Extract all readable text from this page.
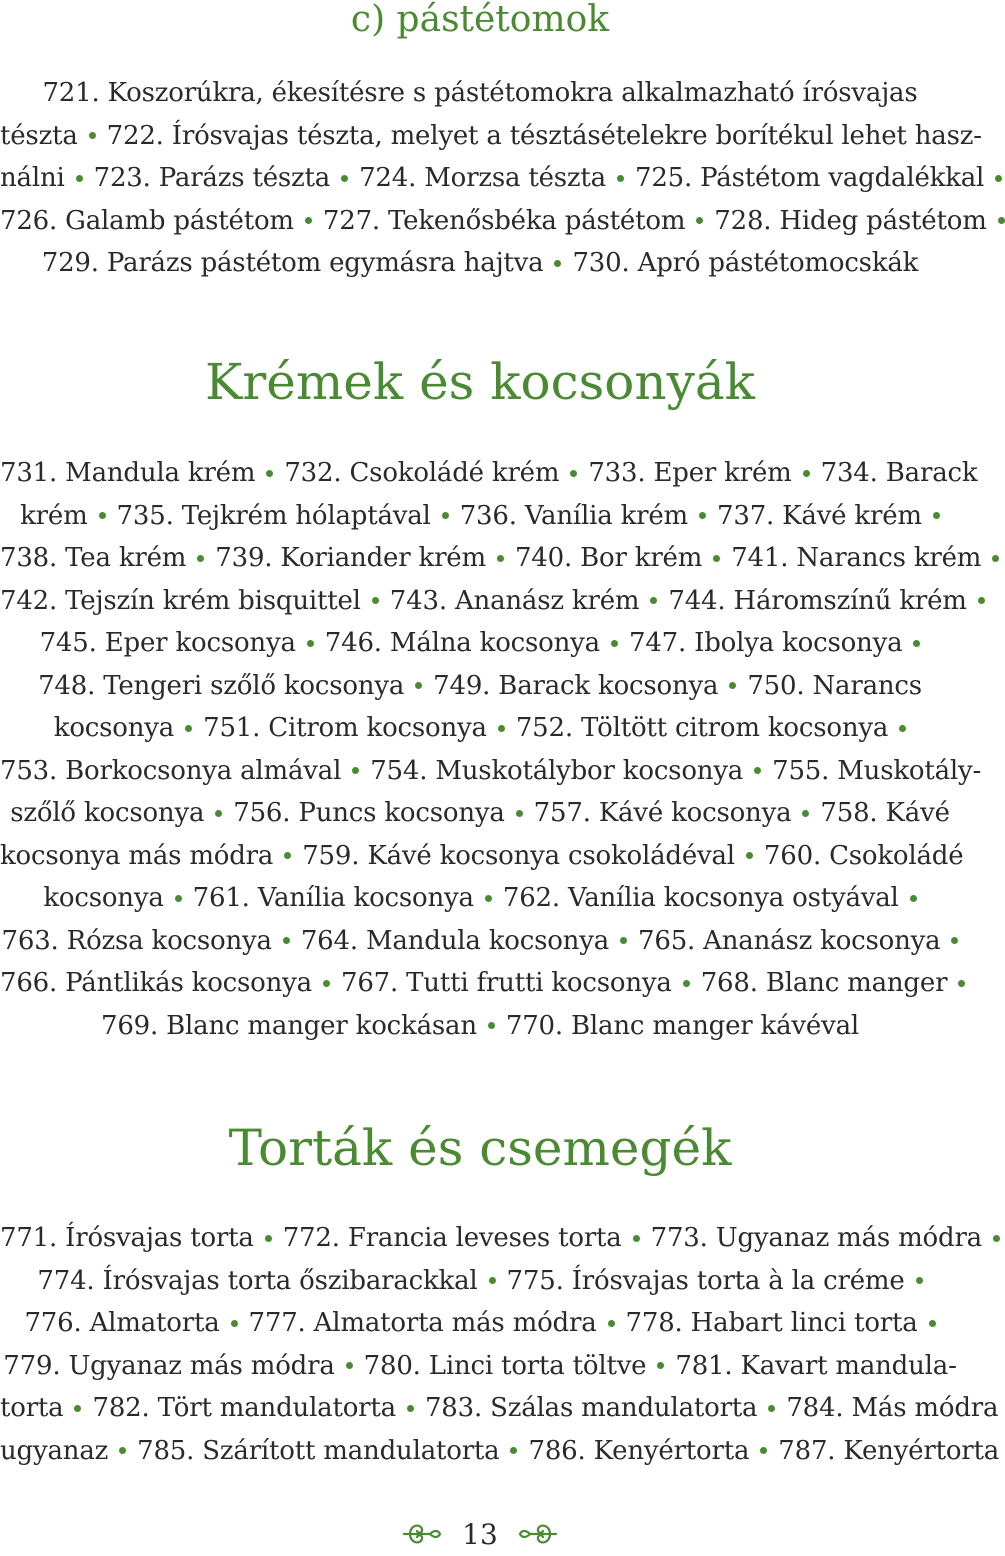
c) pástétomok
721. Koszorúkra, ékesítésre s pástétomokra alkalmazható írósvajas
tészta 722. Írósvajas tészta, melyet a tésztásételekre borítékul lehet hasz-
nálni 723. Parázs tészta 724. Morzsa tészta 725. Pástétom vagdalékkal
726. Galamb pástétom 727. Tekenősbéka pástétom 728. Hideg pástétom
729. Parázs pástétom egymásra hajtva 730. Apró pástétomocskák
Krémek és kocsonyák
731. Mandula krém 732. Csokoládé krém 733. Eper krém 734. Barack
krém 735. Tejkrém hólaptával 736. Vanília krém 737. Kávé krém
738. Tea krém 739. Koriander krém 740. Bor krém 741. Narancs krém
742. Tejszín krém bisquittel 743. Ananász krém 744. Háromszínű krém
745. Eper kocsonya 746. Málna kocsonya 747. Ibolya kocsonya
748. Tengeri szőlő kocsonya 749. Barack kocsonya 750. Narancs
kocsonya 751. Citrom kocsonya 752. Töltött citrom kocsonya
753. Borkocsonya almával 754. Muskotálybor kocsonya 755. Muskotály-
szőlő kocsonya 756. Puncs kocsonya 757. Kávé kocsonya 758. Kávé
kocsonya más módra 759. Kávé kocsonya csokoládéval 760. Csokoládé
kocsonya 761. Vanília kocsonya 762. Vanília kocsonya ostyával
763. Rózsa kocsonya 764. Mandula kocsonya 765. Ananász kocsonya
766. Pántlikás kocsonya 767. Tutti frutti kocsonya 768. Blanc manger
769. Blanc manger kockásan 770. Blanc manger kávéval
Torták és csemegék
771. Írósvajas torta 772. Francia leveses torta 773. Ugyanaz más módra
774. Írósvajas torta őszibarackkal 775. Írósvajas torta à la créme
776. Almatorta 777. Almatorta más módra 778. Habart linci torta
779. Ugyanaz más módra 780. Linci torta töltve 781. Kavart mandula-
torta 782. Tört mandulatorta 783. Szálas mandulatorta 784. Más módra
ugyanaz 785. Szárított mandulatorta 786. Kenyértorta 787. Kenyértorta
13
